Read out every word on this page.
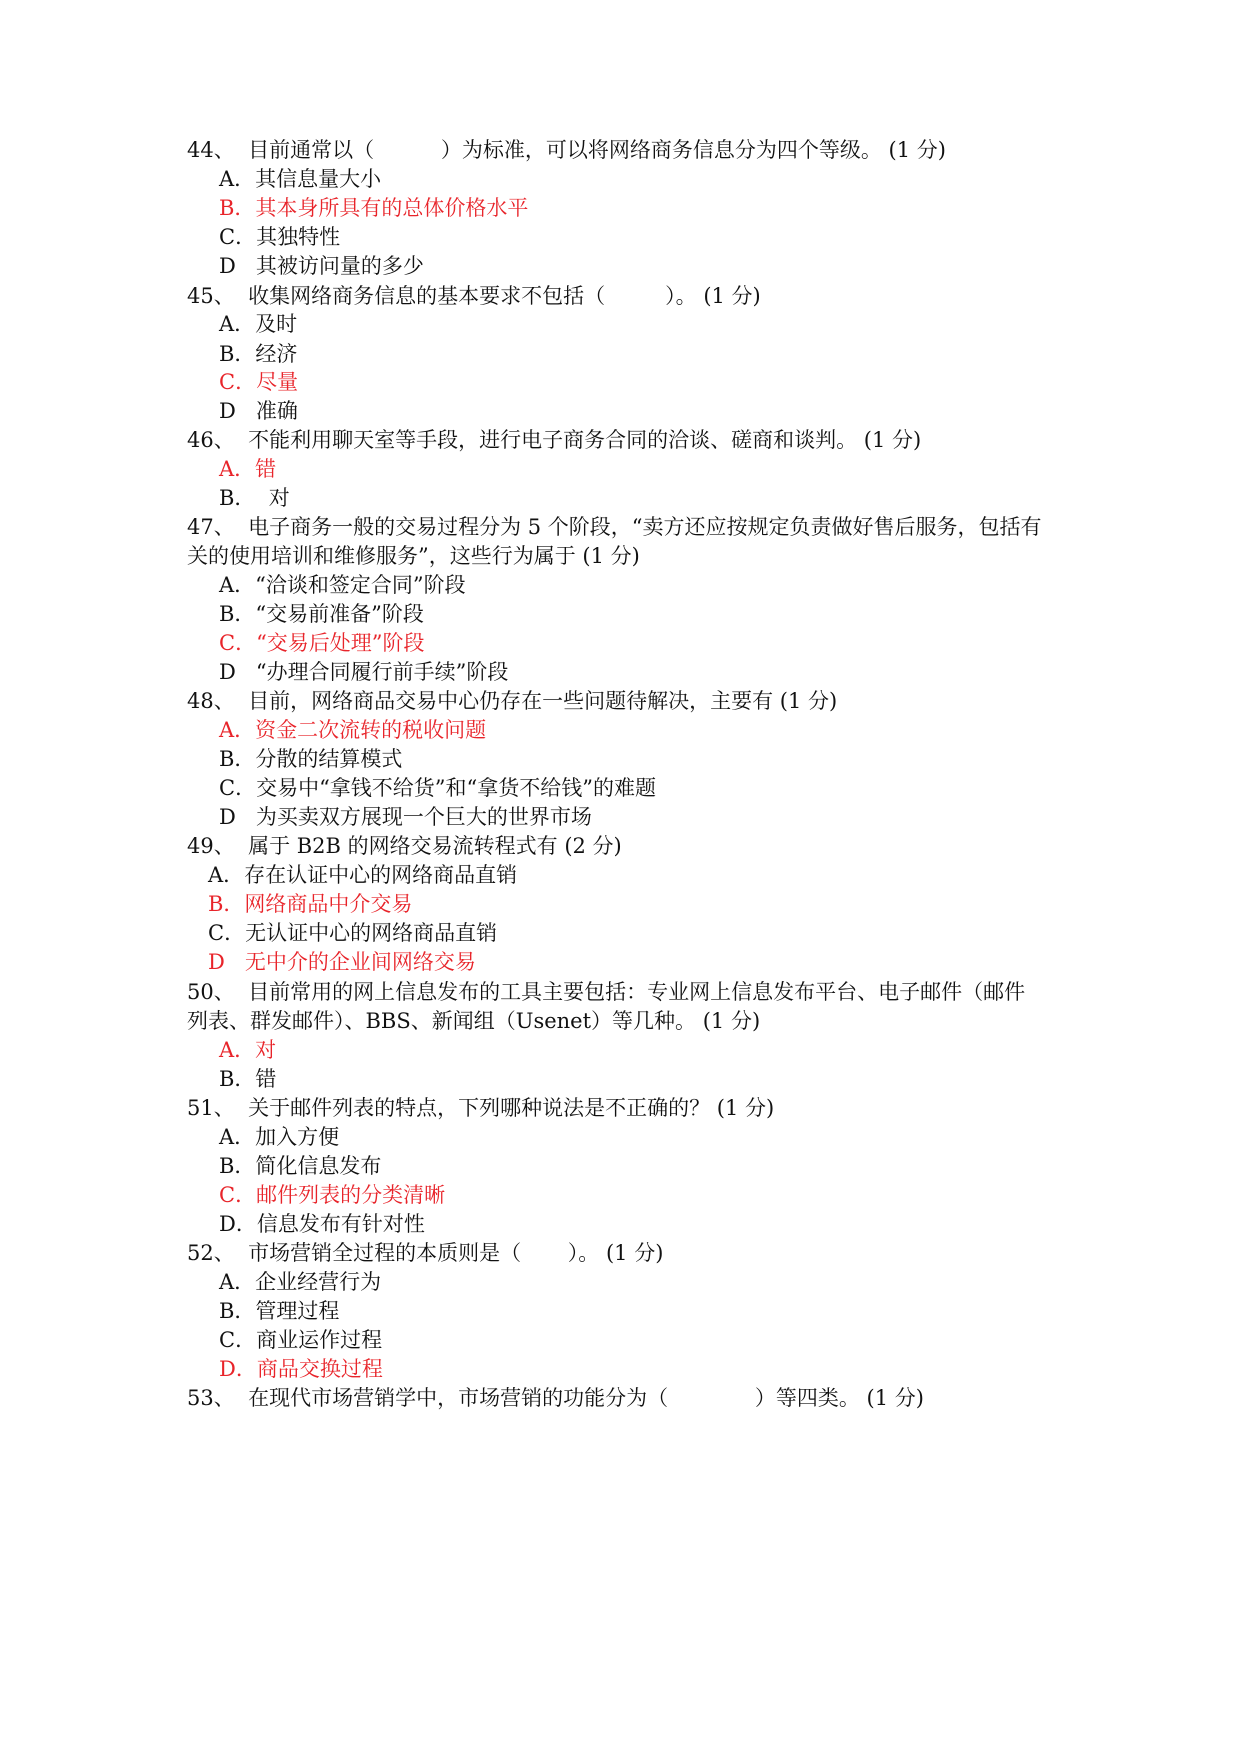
44、  目前通常以（          ）为标准，可以将网络商务信息分为四个等级。 (1 分)
A．其信息量大小
B．其本身所具有的总体价格水平
C．其独特性
D   其被访问量的多少
45、  收集网络商务信息的基本要求不包括（         ）。 (1 分)
A．及时
B．经济
C．尽量
D   准确
46、  不能利用聊天室等手段，进行电子商务合同的洽谈、磋商和谈判。 (1 分)
A．错
B．  对
47、  电子商务一般的交易过程分为 5 个阶段，“卖方还应按规定负责做好售后服务，包括有
关的使用培训和维修服务”，这些行为属于 (1 分)
A．“洽谈和签定合同”阶段
B．“交易前准备”阶段
C．“交易后处理”阶段
D   “办理合同履行前手续”阶段
48、  目前，网络商品交易中心仍存在一些问题待解决，主要有 (1 分)
A．资金二次流转的税收问题
B．分散的结算模式
C．交易中“拿钱不给货”和“拿货不给钱”的难题
D   为买卖双方展现一个巨大的世界市场
49、  属于 B2B 的网络交易流转程式有 (2 分)
A．存在认证中心的网络商品直销
B．网络商品中介交易
C．无认证中心的网络商品直销
D   无中介的企业间网络交易
50、  目前常用的网上信息发布的工具主要包括：专业网上信息发布平台、电子邮件（邮件
列表、群发邮件）、BBS、新闻组（Usenet）等几种。 (1 分)
A．对
B．错
51、  关于邮件列表的特点，下列哪种说法是不正确的？ (1 分)
A．加入方便
B．简化信息发布
C．邮件列表的分类清晰
D．信息发布有针对性
52、  市场营销全过程的本质则是（       ）。 (1 分)
A．企业经营行为
B．管理过程
C．商业运作过程
D．商品交换过程
53、  在现代市场营销学中，市场营销的功能分为（             ）等四类。 (1 分)
